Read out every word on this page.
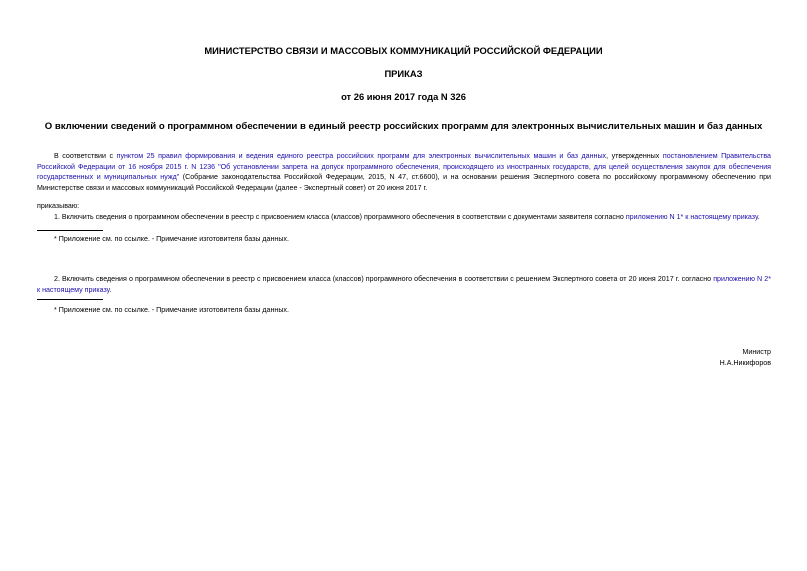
МИНИСТЕРСТВО СВЯЗИ И МАССОВЫХ КОММУНИКАЦИЙ РОССИЙСКОЙ ФЕДЕРАЦИИ

ПРИКАЗ

от 26 июня 2017 года N 326

О включении сведений о программном обеспечении в единый реестр российских программ для электронных вычислительных машин и баз данных

В соответствии с пунктом 25 правил формирования и ведения единого реестра российских программ для электронных вычислительных машин и баз данных, утвержденных постановлением Правительства Российской Федерации от 16 ноября 2015 г. N 1236 "Об установлении запрета на допуск программного обеспечения, происходящего из иностранных государств, для целей осуществления закупок для обеспечения государственных и муниципальных нужд" (Собрание законодательства Российской Федерации, 2015, N 47, ст.6600), и на основании решения Экспертного совета по российскому программному обеспечению при Министерстве связи и массовых коммуникаций Российской Федерации (далее - Экспертный совет) от 20 июня 2017 г.

приказываю:

1. Включить сведения о программном обеспечении в реестр с присвоением класса (классов) программного обеспечения в соответствии с документами заявителя согласно приложению N 1* к настоящему приказу.

* Приложение см. по ссылке. - Примечание изготовителя базы данных.

2. Включить сведения о программном обеспечении в реестр с присвоением класса (классов) программного обеспечения в соответствии с решением Экспертного совета от 20 июня 2017 г. согласно приложению N 2* к настоящему приказу.

* Приложение см. по ссылке. - Примечание изготовителя базы данных.

Министр

Н.А.Никифоров
